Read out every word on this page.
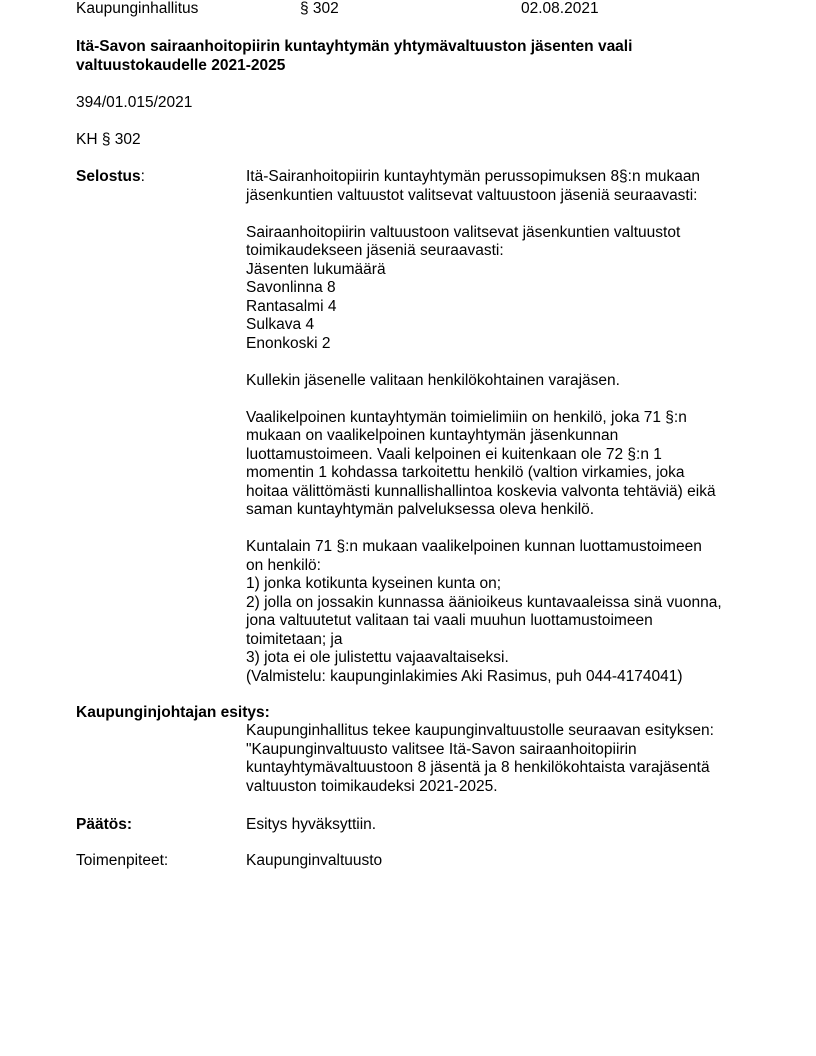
Kaupunginhallitus	§ 302	02.08.2021
Itä-Savon sairaanhoitopiirin kuntayhtymän yhtymävaltuuston jäsenten vaali
valtuustokaudelle 2021-2025
394/01.015/2021
KH § 302
Selostus:	Itä-Sairanhoitopiirin kuntayhtymän perussopimuksen 8§:n mukaan
jäsenkuntien valtuustot valitsevat valtuustoon jäseniä seuraavasti:
Sairaanhoitopiirin valtuustoon valitsevat jäsenkuntien valtuustot
toimikaudekseen jäseniä seuraavasti:
Jäsenten lukumäärä
Savonlinna 8
Rantasalmi 4
Sulkava 4
Enonkoski 2
Kullekin jäsenelle valitaan henkilökohtainen varajäsen.
Vaalikelpoinen kuntayhtymän toimielimiin on henkilö, joka 71 §:n
mukaan on vaalikelpoinen kuntayhtymän jäsenkunnan
luottamustoimeen. Vaali kelpoinen ei kuitenkaan ole 72 §:n 1
momentin 1 kohdassa tarkoitettu henkilö (valtion virkamies, joka
hoitaa välittömästi kunnallishallintoa koskevia valvonta tehtäviä) eikä
saman kuntayhtymän palveluksessa oleva henkilö.
Kuntalain 71 §:n mukaan vaalikelpoinen kunnan luottamustoimeen
on henkilö:
1) jonka kotikunta kyseinen kunta on;
2) jolla on jossakin kunnassa äänioikeus kuntavaaleissa sinä vuonna,
jona valtuutetut valitaan tai vaali muuhun luottamustoimeen
toimitetaan; ja
3) jota ei ole julistettu vajaavaltaiseksi.
(Valmistelu: kaupunginlakimies Aki Rasimus, puh 044-4174041)
Kaupunginjohtajan esitys:
Kaupunginhallitus tekee kaupunginvaltuustolle seuraavan esityksen:
"Kaupunginvaltuusto valitsee Itä-Savon sairaanhoitopiirin
kuntayhtymävaltuustoon 8 jäsentä ja 8 henkilökohtaista varajäsentä
valtuuston toimikaudeksi 2021-2025.
Päätös:	Esitys hyväksyttiin.
Toimenpiteet:	Kaupunginvaltuusto
